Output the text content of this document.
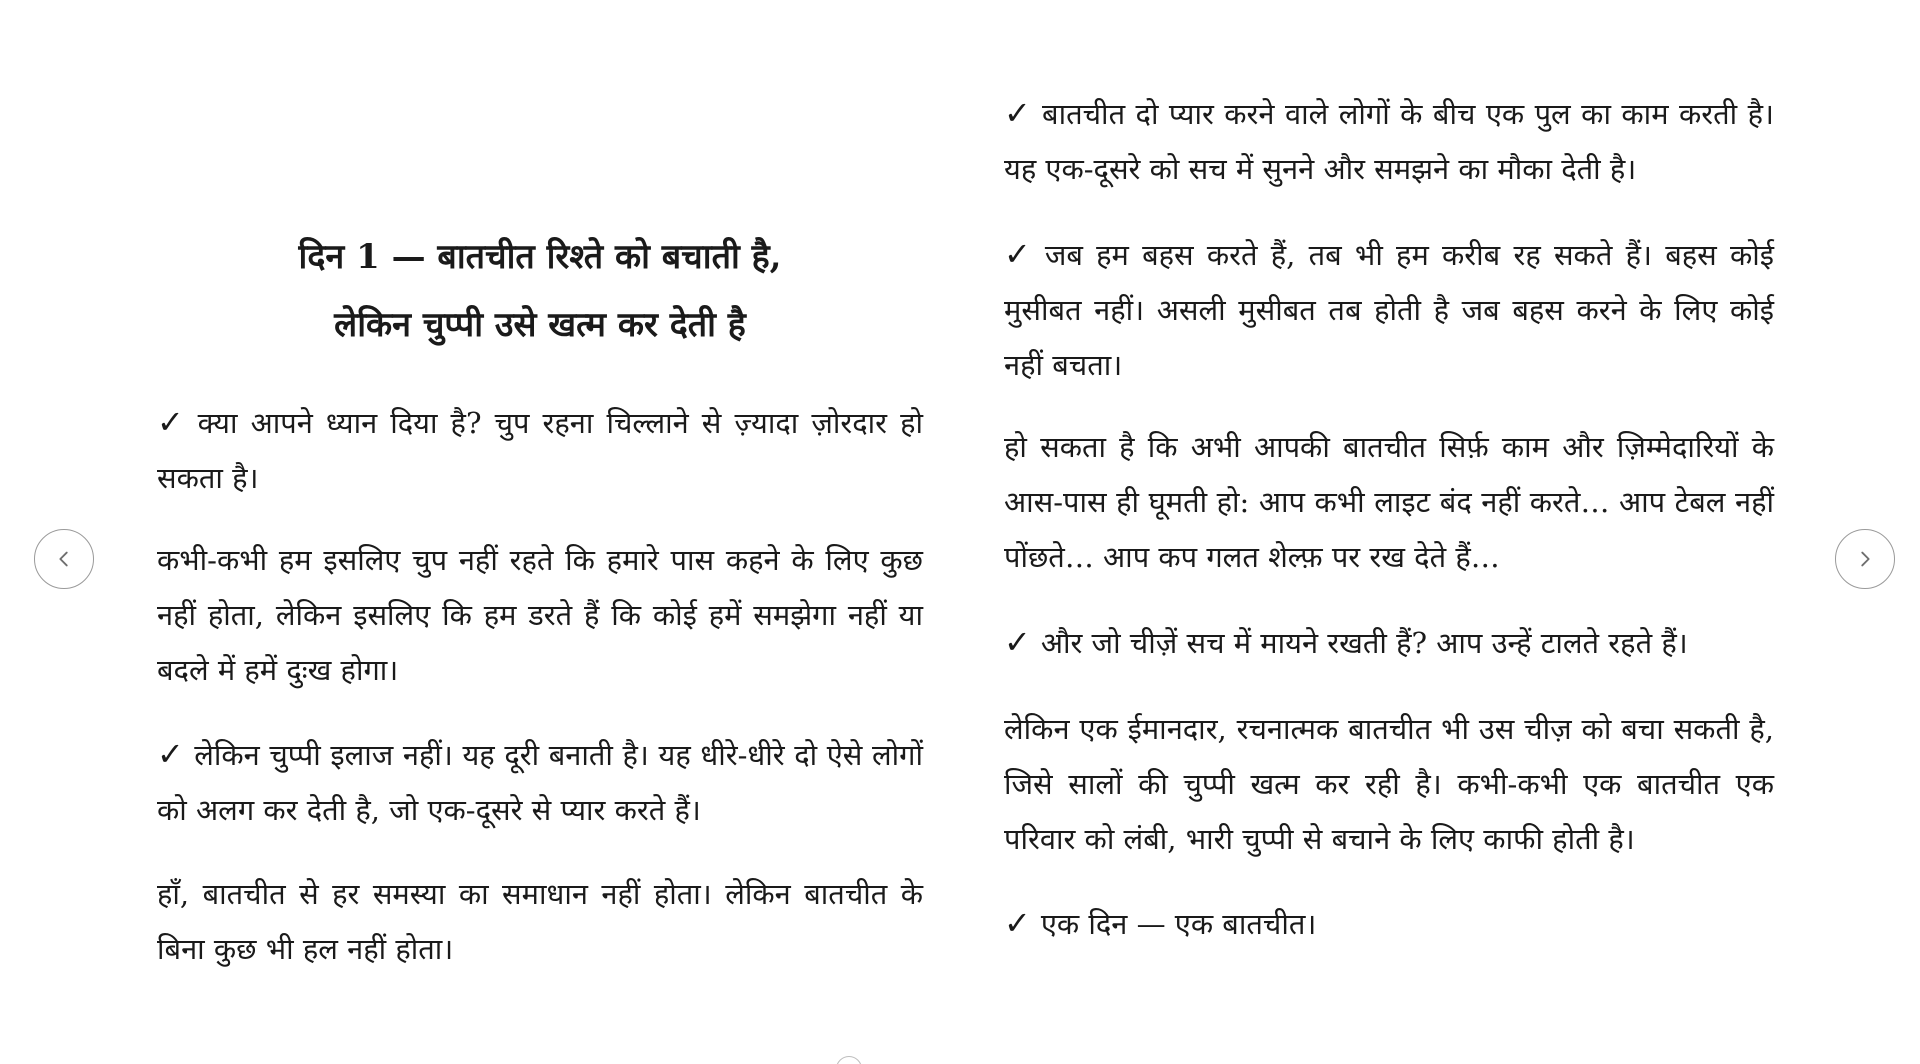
दिन 1 — बातचीत रिश्ते को बचाती है,
लेकिन चुप्पी उसे खत्म कर देती है

✓ क्या आपने ध्यान दिया है? चुप रहना चिल्लाने से ज़्यादा ज़ोरदार हो सकता है।

कभी-कभी हम इसलिए चुप नहीं रहते कि हमारे पास कहने के लिए कुछ नहीं होता, लेकिन इसलिए कि हम डरते हैं कि कोई हमें समझेगा नहीं या बदले में हमें दुःख होगा।

✓ लेकिन चुप्पी इलाज नहीं। यह दूरी बनाती है। यह धीरे-धीरे दो ऐसे लोगों को अलग कर देती है, जो एक-दूसरे से प्यार करते हैं।

हाँ, बातचीत से हर समस्या का समाधान नहीं होता। लेकिन बातचीत के बिना कुछ भी हल नहीं होता।

✓ बातचीत दो प्यार करने वाले लोगों के बीच एक पुल का काम करती है। यह एक-दूसरे को सच में सुनने और समझने का मौका देती है।

✓ जब हम बहस करते हैं, तब भी हम करीब रह सकते हैं। बहस कोई मुसीबत नहीं। असली मुसीबत तब होती है जब बहस करने के लिए कोई नहीं बचता।

हो सकता है कि अभी आपकी बातचीत सिर्फ़ काम और ज़िम्मेदारियों के आस-पास ही घूमती हो: आप कभी लाइट बंद नहीं करते… आप टेबल नहीं पोंछते… आप कप गलत शेल्फ़ पर रख देते हैं…

✓ और जो चीज़ें सच में मायने रखती हैं? आप उन्हें टालते रहते हैं।

लेकिन एक ईमानदार, रचनात्मक बातचीत भी उस चीज़ को बचा सकती है, जिसे सालों की चुप्पी खत्म कर रही है। कभी-कभी एक बातचीत एक परिवार को लंबी, भारी चुप्पी से बचाने के लिए काफी होती है।

✓ एक दिन — एक बातचीत।
